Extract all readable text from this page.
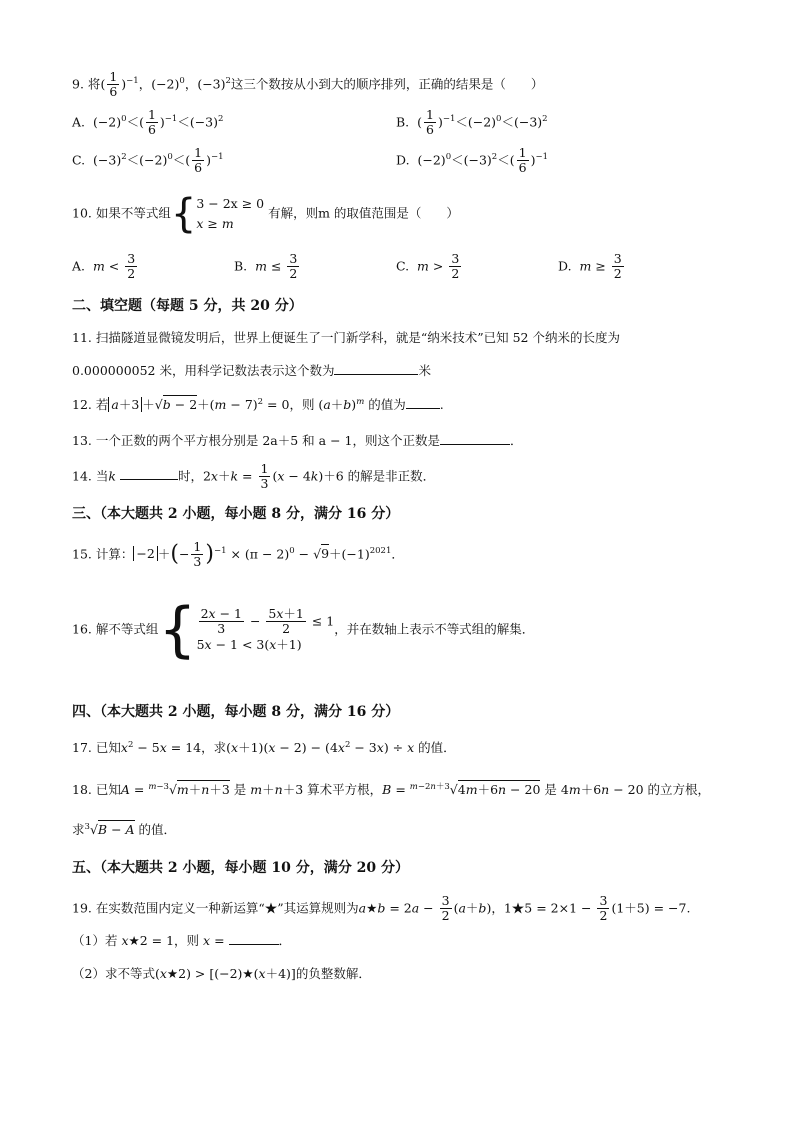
9. 将( $\frac{1}{6} )^{-1}$，$(-2)^0$，$(-3)^2$这三个数按从小到大的顺序排列，正确的结果是（　　）
A.  $(-2)^0<( \frac{1}{6} )^{-1}<(-3)^2$	B.  ( $\frac{1}{6} )^{-1}<(-2)^0<(-3)^2$
C.  $(-3)^2<(-2)^0<( \frac{1}{6} )^{-1}$	D.  $(-2)^0<(-3)^2<( \frac{1}{6} )^{-1}$
10. 如果不等式组{3 − 2x ≥ 0
x ≥ m 有解，则m 的取值范围是（　　）
A.  $m < \frac{3}{2}$	B.  $m \le \frac{3}{2}$	C.  $m > \frac{3}{2}$	D.  $m \ge \frac{3}{2}$
二、填空题（每题 5 分，共 20 分）
11. 扫描隧道显微镜发明后，世界上便诞生了一门新学科，就是“纳米技术”已知 52 个纳米的长度为
0.000000052 米，用科学记数法表示这个数为	米
12. 若 $a+3 +√b - 2+(m - 7)^2 = 0$，则 $(a+b)^m$ 的值为	.
13. 一个正数的两个平方根分别是 2a＋5 和 a − 1，则这个正数是	．
14. 当k	时，$2x+k = \frac{1}{3} (x - 4k)+6$ 的解是非正数．
三、（本大题共 2 小题，每小题 8 分，满分 16 分）
15. 计算： −2 ＋(− $\frac{1}{3} )^{-1} \times (\pi - 2)^0 - √9+(-1)^{2021}$．
16. 解不等式组{ $\frac{2x - 1}{3} - \frac{5x+1}{2} \le 1$
5x − 1 < 3(x＋1)，并在数轴上表示不等式组的解集．
四、（本大题共 2 小题，每小题 8 分，满分 16 分）
17. 已知$x^2 - 5x = 14$，求$(x+1)(x - 2) - (4x^2 - 3x) \div x$ 的值．
18. 已知A = $^{m-3}$√m＋n＋3 是 m＋n＋3 算术平方根，B = $^{m-2n+3}$√4m＋6n − 20 是 4m＋6n − 20 的立方根，
求$^3$√B − A 的值．
五、（本大题共 2 小题，每小题 10 分，满分 20 分）
19. 在实数范围内定义一种新运算“★”其运算规则为a★b = $2a - \frac{3}{2} (a+b)$，1★5 = $2\times 1 - \frac{3}{2} (1+5) = -7$.
（1）若 x★2 = 1，则 x =	．
（2）求不等式(x★2) > [(−2)★(x＋4)]的负整数解．
